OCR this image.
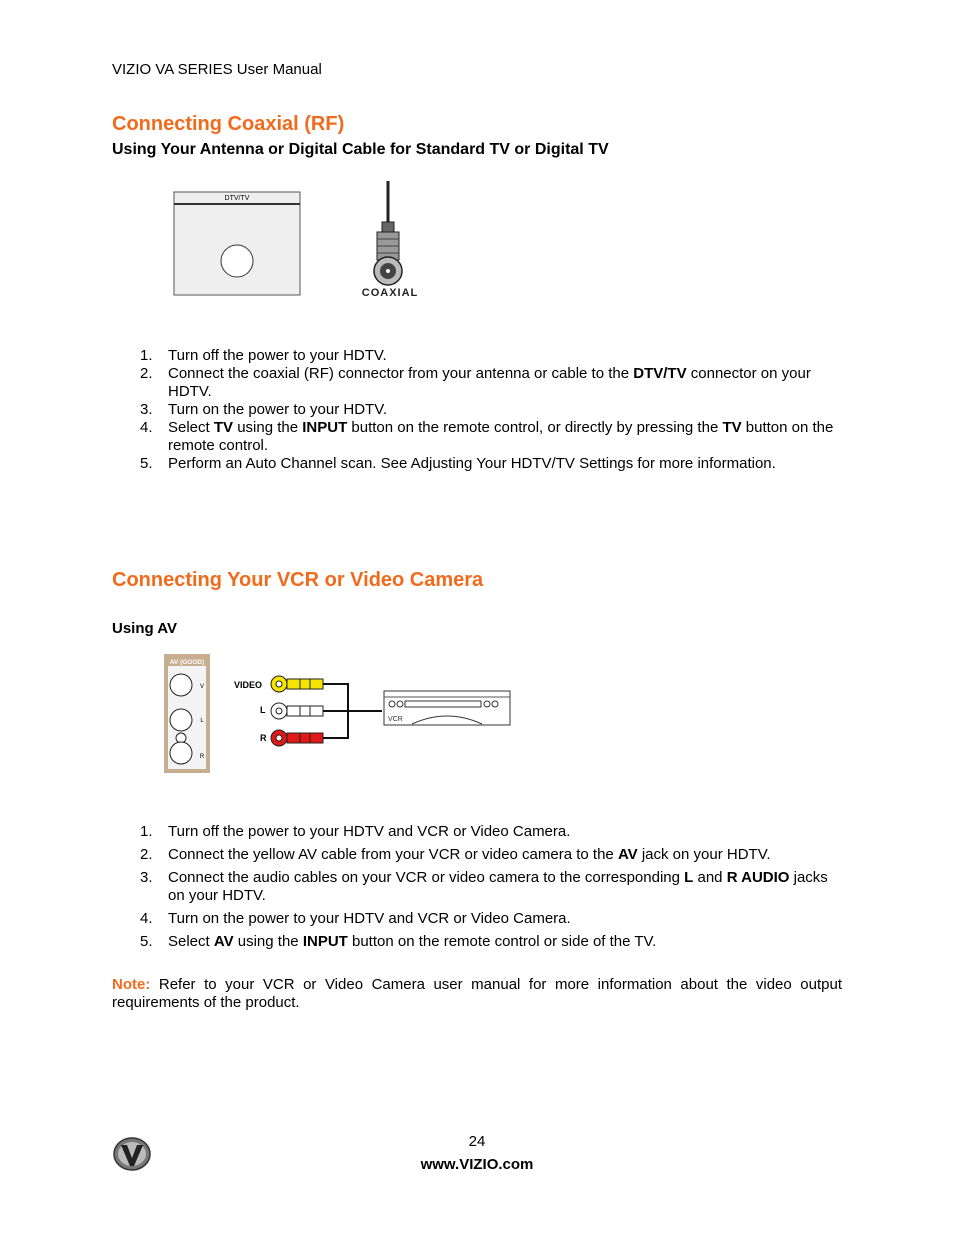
VIZIO VA SERIES User Manual
Connecting Coaxial (RF)
Using Your Antenna or Digital Cable for Standard TV or Digital TV
DTV/TV
COAXIAL
1. Turn off the power to your HDTV.
2. Connect the coaxial (RF) connector from your antenna or cable to the DTV/TV connector on your HDTV.
3. Turn on the power to your HDTV.
4. Select TV using the INPUT button on the remote control, or directly by pressing the TV button on the remote control.
5. Perform an Auto Channel scan. See Adjusting Your HDTV/TV Settings for more information.
Connecting Your VCR or Video Camera
Using AV
AV (GOOD)
V
L
R
VIDEO
L
R
VCR
1. Turn off the power to your HDTV and VCR or Video Camera.
2. Connect the yellow AV cable from your VCR or video camera to the AV jack on your HDTV.
3. Connect the audio cables on your VCR or video camera to the corresponding L and R AUDIO jacks on your HDTV.
4. Turn on the power to your HDTV and VCR or Video Camera.
5. Select AV using the INPUT button on the remote control or side of the TV.
Note: Refer to your VCR or Video Camera user manual for more information about the video output requirements of the product.
24
www.VIZIO.com
